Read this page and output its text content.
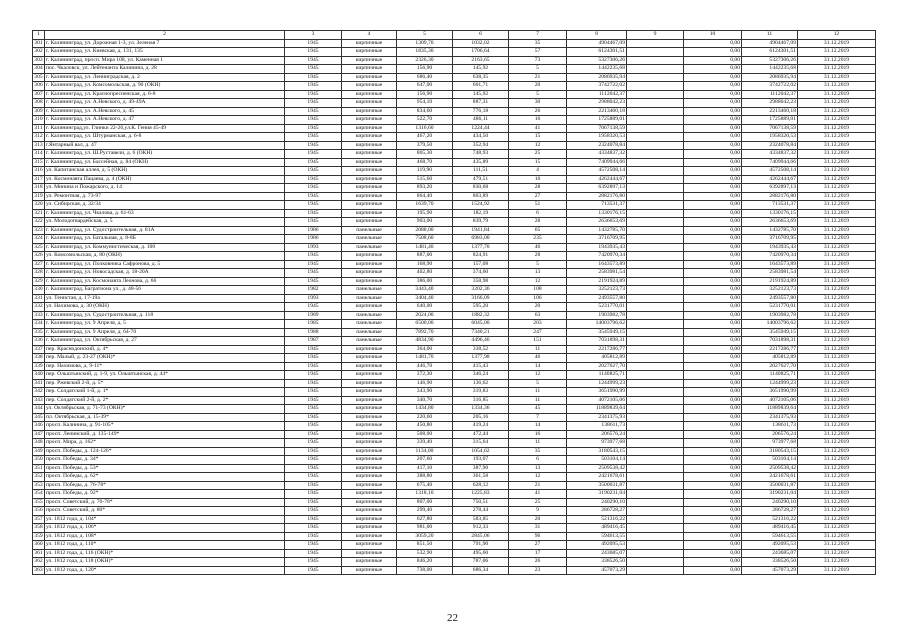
1	2	3	4	5	6	7	8	9	10	11	12
301	г. Калининград, ул. Дорожная 1-3, ул. Зеленая 7	1945	кирпичные	1309,70	1032,02	35	4904467,09		0,00	4904467,09	31.12.2019
302	г. Калининград, ул. Киевская, д. 131, 135	1945	кирпичные	1835,30	1706,64	57	6124301,51		0,00	6124301,51	31.12.2019
303	г. Калининград, просп. Мира 108, ул. Каменная 1	1945	кирпичные	2326,30	2163,65	73	5327306,26		0,00	5327306,26	31.12.2019
304	пос. Чкаловск, ул. Лейтенанта Калинина, д. 28	1945	кирпичные	156,90	145,92	5	1442235,68		0,00	1442235,68	31.12.2019
305	г. Калининград, ул. Ленинградская, д. 2	1945	кирпичные	686,40	638,35	21	2086935,94		0,00	2086935,94	31.12.2019
306	г. Калининград, ул. Комсомольская, д. 90 (ОКН)	1945	кирпичные	647,00	601,71	20	3742722,02		0,00	3742722,02	31.12.2019
307	г. Калининград, ул. Краснопресненская, д. 6-8	1945	кирпичные	156,90	145,92	5	1112042,37		0,00	1112042,37	31.12.2019
308	г. Калининград, ул. А.Невского, д. 49-49А	1945	кирпичные	954,10	887,31	30	2988042,23		0,00	2988042,23	31.12.2019
309	г. Калининград, ул. А.Невского, д. 45	1945	кирпичные	834,60	776,18	26	2213460,18		0,00	2213460,18	31.12.2019
310	г. Калининград, ул. А.Невского, д. 47	1945	кирпичные	522,70	486,11	16	1725889,01		0,00	1725889,01	31.12.2019
311	г. Калининград,ул. Глинки 22-26,ул.К. Гения 45-49	1945	кирпичные	1316,60	1224,44	41	7067138,59		0,00	7067138,59	31.12.2019
312	г. Калининград, ул. Штурманская, д. 6-8	1945	кирпичные	467,20	434,50	15	1958320,53		0,00	1958320,53	31.12.2019
313	г.Янтарный вал, д. 47	1945	кирпичные	379,50	352,94	12	2324078,84		0,00	2324078,84	31.12.2019
314	г. Калининград, ул. Ш.Руставели, д. 6 (ОКН)	1945	кирпичные	805,30	748,93	25	4334837,32		0,00	4334837,32	31.12.2019
315	г. Калининград, ул. Бассейная, д. 84 (ОКН)	1945	кирпичные	468,70	435,89	15	7409944,66		0,00	7409944,66	31.12.2019
316	ул. Капитанская аллея, д. 5 (ОКН)	1945	кирпичные	119,90	111,51	4	4572508,14		0,00	4572508,14	31.12.2019
317	ул. Космонавта Пацаева, д. 4 (ОКН)	1945	кирпичные	515,60	479,51	16	4262444,67		0,00	4262444,67	31.12.2019
318	ул. Минина и Пожарского, д. 14	1945	кирпичные	893,20	830,68	28	6392897,13		0,00	6392897,13	31.12.2019
319	ул. Ремонтная, д. 73-97	1945	кирпичные	864,40	803,89	27	2882176,80		0,00	2882176,80	31.12.2019
320	ул. Сибирская, д. 32/34	1945	кирпичные	1639,70	1524,92	51	713531,37		0,00	713531,37	31.12.2019
321	г. Калининград, ул. Чкалова, д. 61-63	1945	кирпичные	195,90	182,19	6	1330176,15		0,00	1330176,15	31.12.2019
322	ул. Молодогвардейская, д. 5	1945	кирпичные	903,00	839,79	28	2636653,69		0,00	2636653,69	31.12.2019
323	г. Калининград, ул. Судостроительная, д. 81А	1986	панельные	2088,00	1941,84	65	1432785,70		0,00	1432785,70	31.12.2019
324	г. Калининград, ул. Батальная, д. 8-8Б	1986	панельные	7508,60	6983,00	235	3716709,95		0,00	3716709,95	31.12.2019
325	г. Калининград, ул. Коммунистическая, д. 100	1993	панельные	1481,40	1377,70	46	1943935,43		0,00	1943935,43	31.12.2019
326	ул. Комсомольская, д. 80 (ОКН)	1945	кирпичные	887,00	824,91	28	7420970,34		0,00	7420970,34	31.12.2019
327	г. Калининград, ул. Полковника Сафронова, д. 5	1945	кирпичные	168,90	157,08	5	1643573,89		0,00	1643573,89	31.12.2019
328	г. Калининград, ул. Новосадская, д. 18-20А	1945	кирпичные	402,80	374,60	13	2583981,54		0,00	2583981,54	31.12.2019
329	г. Калининград, ул. Космонавта Леонова, д. 66	1945	кирпичные	386,00	358,98	12	2191924,89		0,00	2191924,89	31.12.2019
330	г. Калининград, Багратиона ул., д. 48-56	1982	панельные	3443,40	3202,36	108	3252123,73		0,00	3252123,73	31.12.2019
331	ул. Тенистая, д. 17-19а	1993	панельные	3404,40	3166,09	106	2493557,80		0,00	2493557,80	31.12.2019
332	ул. Нахимова, д. 30 (ОКН)	1945	кирпичные	640,00	595,20	20	5231770,01		0,00	5231770,01	31.12.2019
333	г. Калининград, ул. Судостроительная, д. 118	1989	панельные	2024,00	1882,32	63	1903982,78		0,00	1903982,78	31.12.2019
334	г. Калининград, ул. 9 Апреля, д. 5	1985	панельные	6500,00	6045,00	203	14003796,62		0,00	14003796,62	31.12.2019
335	г. Калининград, ул. 9 Апреля, д. 64-70	1988	панельные	7892,70	7340,21	247	3545949,15		0,00	3545949,15	31.12.2019
336	г. Калининград, ул. Октябрьская, д. 27	1987	панельные	4834,90	4496,46	151	7031898,31		0,00	7031898,31	31.12.2019
337	пер. Краснодонский, д. 4*	1945	кирпичные	364,00	338,52	11	2217286,77		0,00	2217286,77	31.12.2019
338	пер. Малый, д. 23-27 (ОКН)*	1945	кирпичные	1481,70	1377,98	46	405812,89		0,00	405812,89	31.12.2019
339	пер. Нахимова, д. 9-11*	1945	кирпичные	446,70	415,43	14	2027627,70		0,00	2027627,70	31.12.2019
340	пер. Ольштынский, д. 1-9, ул. Ольштынская, д. 44*	1945	кирпичные	372,30	346,24	12	1140825,71		0,00	1140825,71	31.12.2019
341	пер. Ржевский 2-й, д. 5*	1945	кирпичные	146,90	136,62	5	1244999,23		0,00	1244999,23	31.12.2019
342	пер. Солдатский 1-й, д. 1*	1945	кирпичные	343,90	319,83	11	3651990,99		0,00	3651990,99	31.12.2019
343	пер. Солдатский 2-й, д. 2*	1945	кирпичные	340,70	316,85	11	4072105,06		0,00	4072105,06	31.12.2019
344	ул. Октябрьская, д. 71-73 (ОКН)*	1945	кирпичные	1434,80	1334,36	45	11889839,64		0,00	11889839,64	31.12.2019
345	пл. Октябрьская, д. 15-39*	1945	кирпичные	220,60	205,16	7	2341375,93		0,00	2341375,93	31.12.2019
346	просп. Калинина, д. 91-105*	1945	кирпичные	450,80	419,24	14	138611,73		0,00	138611,73	31.12.2019
347	просп. Ленинский, д. 135-149*	1945	кирпичные	508,00	472,44	16	206576,24		0,00	206576,24	31.12.2019
348	просп. Мира, д. 162*	1945	кирпичные	339,40	315,64	11	973977,68		0,00	973977,68	31.12.2019
349	просп. Победы, д. 124-126*	1945	кирпичные	1134,00	1054,62	35	3180543,15		0,00	3180543,15	31.12.2019
350	просп. Победы, д. 34*	1945	кирпичные	207,60	193,07	6	503104,14		0,00	503104,14	31.12.2019
351	просп. Победы, д. 53*	1945	кирпичные	417,10	387,90	13	2509538,42		0,00	2509538,42	31.12.2019
352	просп. Победы, д. 62*	1945	кирпичные	388,80	361,58	12	2421678,61		0,00	2421678,61	31.12.2019
353	просп. Победы, д. 76-78*	1945	кирпичные	675,40	628,12	21	3500031,87		0,00	3500031,87	31.12.2019
354	просп. Победы, д. 92*	1945	кирпичные	1318,10	1225,83	41	3190231,04		0,00	3190231,04	31.12.2019
355	просп. Советский, д. 76-78*	1945	кирпичные	807,00	750,51	25	240290,10		0,00	240290,10	31.12.2019
356	просп. Советский, д. 80*	1945	кирпичные	299,40	278,44	9	286728,27		0,00	286728,27	31.12.2019
357	ул. 1812 года, д. 104*	1945	кирпичные	627,80	583,85	20	521316,22		0,00	521316,22	31.12.2019
358	ул. 1812 года, д. 106*	1945	кирпичные	981,00	912,33	31	489416,45		0,00	489416,45	31.12.2019
359	ул. 1812 года, д. 108*	1945	кирпичные	3059,20	2845,06	96	594613,55		0,00	594613,55	31.12.2019
360	ул. 1812 года, д. 110*	1945	кирпичные	851,50	791,90	27	492095,53		0,00	492095,53	31.12.2019
361	ул. 1812 года, д. 116 (ОКН)*	1945	кирпичные	532,90	495,60	17	243685,07		0,00	243685,07	31.12.2019
362	ул. 1812 года, д. 118 (ОКН)*	1945	кирпичные	846,20	787,06	26	338526,50		0,00	338526,50	31.12.2019
363	ул. 1812 года, д. 120*	1945	кирпичные	738,00	686,34	23	457073,29		0,00	457073,29	31.12.2019
22
